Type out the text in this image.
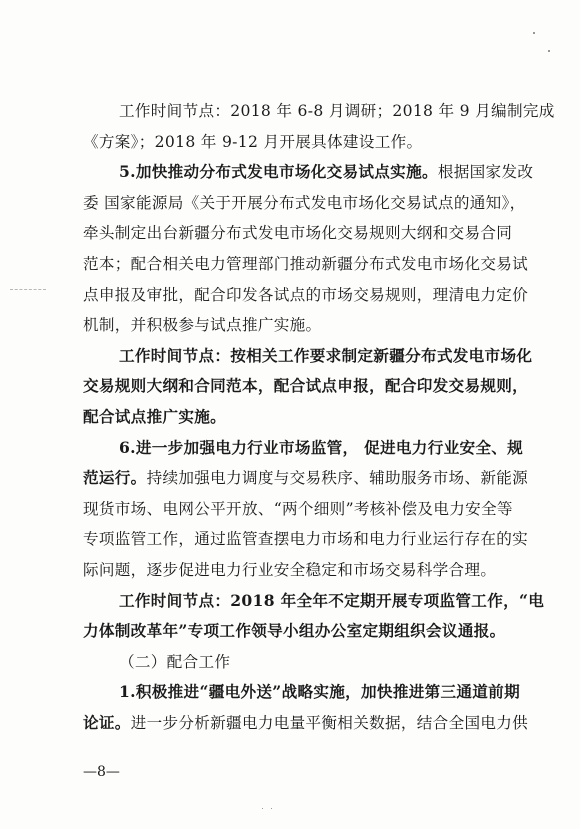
工作时间节点：2018 年 6-8 月调研；2018 年 9 月编制完成
《方案》；2018 年 9-12 月开展具体建设工作。
5.加快推动分布式发电市场化交易试点实施。根据国家发改
委 国家能源局《关于开展分布式发电市场化交易试点的通知》，
牵头制定出台新疆分布式发电市场化交易规则大纲和交易合同
范本；配合相关电力管理部门推动新疆分布式发电市场化交易试
点申报及审批，配合印发各试点的市场交易规则，理清电力定价
机制，并积极参与试点推广实施。
工作时间节点：按相关工作要求制定新疆分布式发电市场化
交易规则大纲和合同范本，配合试点申报，配合印发交易规则，
配合试点推广实施。
6.进一步加强电力行业市场监管， 促进电力行业安全、规
范运行。持续加强电力调度与交易秩序、辅助服务市场、新能源
现货市场、电网公平开放、“两个细则”考核补偿及电力安全等
专项监管工作，通过监管查摆电力市场和电力行业运行存在的实
际问题，逐步促进电力行业安全稳定和市场交易科学合理。
工作时间节点：2018 年全年不定期开展专项监管工作，“电
力体制改革年”专项工作领导小组办公室定期组织会议通报。
（二）配合工作
1.积极推进“疆电外送”战略实施，加快推进第三通道前期
论证。进一步分析新疆电力电量平衡相关数据，结合全国电力供
—8—
